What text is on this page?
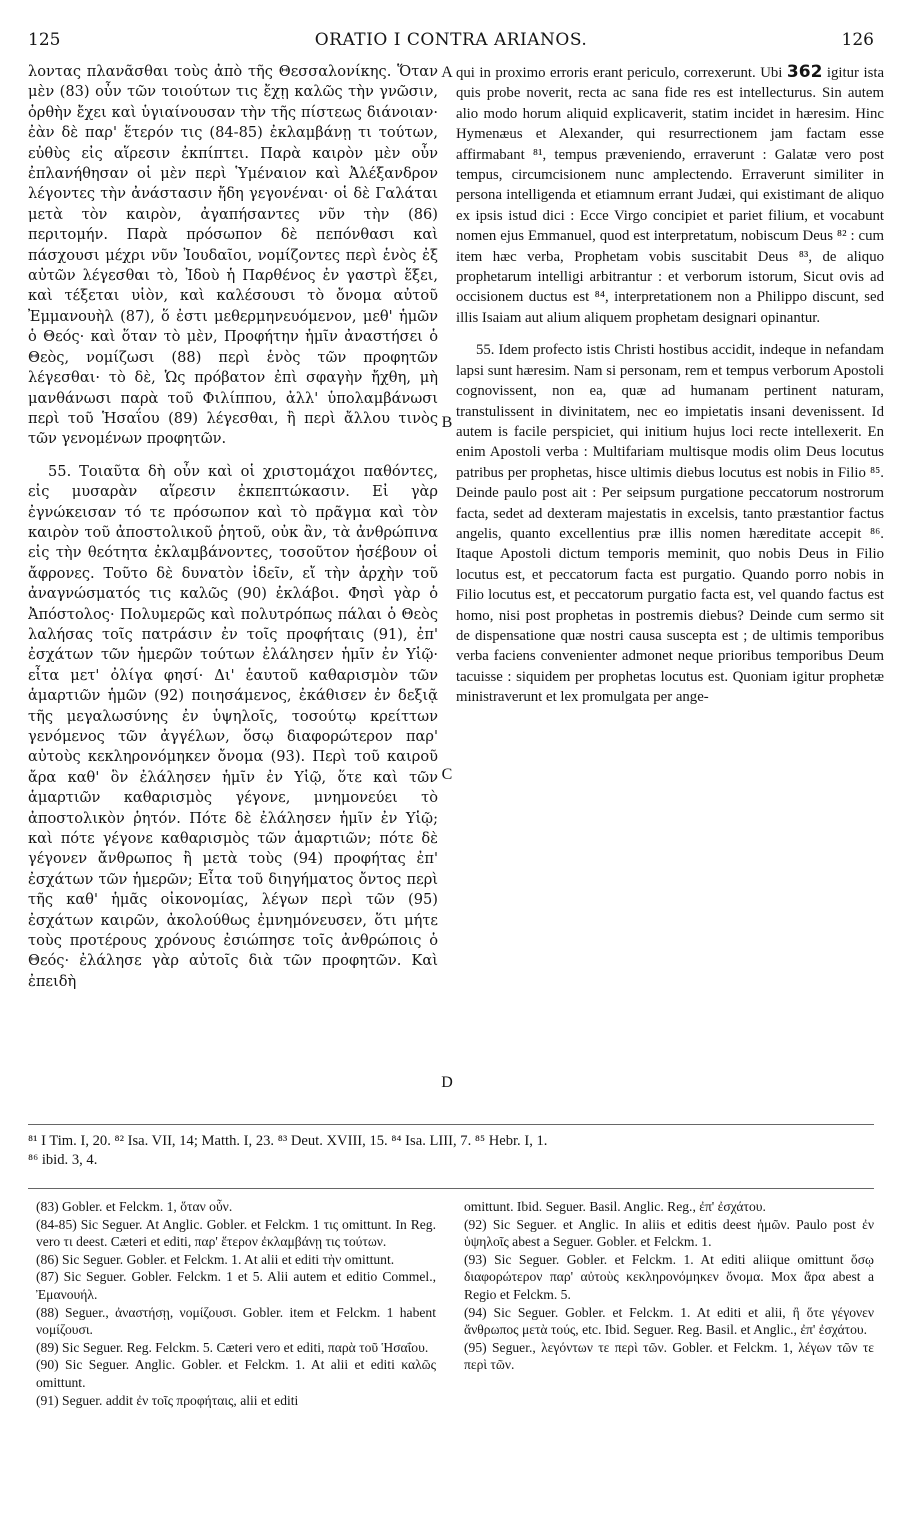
125	ORATIO I CONTRA ARIANOS.	126

λοντας πλανᾶσθαι τοὺς ἀπὸ τῆς Θεσσαλονίκης. Ὅταν μὲν (83) οὖν τῶν τοιούτων τις ἔχῃ καλῶς τὴν γνῶσιν, ὀρθὴν ἔχει καὶ ὑγιαίνουσαν τὴν τῆς πίστεως διάνοιαν· ἐὰν δὲ παρ' ἕτερόν τις (84-85) ἐκλαμβάνῃ τι τούτων, εὐθὺς εἰς αἵρεσιν ἐκπίπτει. Παρὰ καιρὸν μὲν οὖν ἐπλανήθησαν οἱ μὲν περὶ Ὑμέναιον καὶ Ἀλέξανδρον λέγοντες τὴν ἀνάστασιν ἤδη γεγονέναι· οἱ δὲ Γαλάται μετὰ τὸν καιρὸν, ἀγαπήσαντες νῦν τὴν (86) περιτομήν. Παρὰ πρόσωπον δὲ πεπόνθασι καὶ πάσχουσι μέχρι νῦν Ἰουδαῖοι, νομίζοντες περὶ ἑνὸς ἐξ αὐτῶν λέγεσθαι τὸ, Ἰδοὺ ἡ Παρθένος ἐν γαστρὶ ἕξει, καὶ τέξεται υἱὸν, καὶ καλέσουσι τὸ ὄνομα αὐτοῦ Ἐμμανουὴλ (87), ὅ ἐστι μεθερμηνευόμενον, μεθ' ἡμῶν ὁ Θεός· καὶ ὅταν τὸ μὲν, Προφήτην ἡμῖν ἀναστήσει ὁ Θεὸς, νομίζωσι (88) περὶ ἑνὸς τῶν προφητῶν λέγεσθαι· τὸ δὲ, Ὡς πρόβατον ἐπὶ σφαγὴν ἤχθη, μὴ μανθάνωσι παρὰ τοῦ Φιλίππου, ἀλλ' ὑπολαμβάνωσι περὶ τοῦ Ἡσαΐου (89) λέγεσθαι, ἢ περὶ ἄλλου τινὸς τῶν γενομένων προφητῶν.

55. Τοιαῦτα δὴ οὖν καὶ οἱ χριστομάχοι παθόντες, εἰς μυσαρὰν αἵρεσιν ἐκπεπτώκασιν. Εἰ γὰρ ἐγνώκεισαν τό τε πρόσωπον καὶ τὸ πρᾶγμα καὶ τὸν καιρὸν τοῦ ἀποστολικοῦ ῥητοῦ, οὐκ ἂν, τὰ ἀνθρώπινα εἰς τὴν θεότητα ἐκλαμβάνοντες, τοσοῦτον ἠσέβουν οἱ ἄφρονες. Τοῦτο δὲ δυνατὸν ἰδεῖν, εἴ τὴν ἀρχὴν τοῦ ἀναγνώσματός τις καλῶς (90) ἐκλάβοι. Φησὶ γὰρ ὁ Ἀπόστολος· Πολυμερῶς καὶ πολυτρόπως πάλαι ὁ Θεὸς λαλήσας τοῖς πατράσιν ἐν τοῖς προφήταις (91), ἐπ' ἐσχάτων τῶν ἡμερῶν τούτων ἐλάλησεν ἡμῖν ἐν Υἱῷ· εἶτα μετ' ὀλίγα φησί· Δι' ἑαυτοῦ καθαρισμὸν τῶν ἁμαρτιῶν ἡμῶν (92) ποιησάμενος, ἐκάθισεν ἐν δεξιᾷ τῆς μεγαλωσύνης ἐν ὑψηλοῖς, τοσούτῳ κρείττων γενόμενος τῶν ἀγγέλων, ὅσῳ διαφορώτερον παρ' αὐτοὺς κεκληρονόμηκεν ὄνομα (93). Περὶ τοῦ καιροῦ ἄρα καθ' ὃν ἐλάλησεν ἡμῖν ἐν Υἱῷ, ὅτε καὶ τῶν ἁμαρτιῶν καθαρισμὸς γέγονε, μνημονεύει τὸ ἀποστολικὸν ῥητόν. Πότε δὲ ἐλάλησεν ἡμῖν ἐν Υἱῷ; καὶ πότε γέγονε καθαρισμὸς τῶν ἁμαρτιῶν; πότε δὲ γέγονεν ἄνθρωπος ἢ μετὰ τοὺς (94) προφήτας ἐπ' ἐσχάτων τῶν ἡμερῶν; Εἶτα τοῦ διηγήματος ὄντος περὶ τῆς καθ' ἡμᾶς οἰκονομίας, λέγων περὶ τῶν (95) ἐσχάτων καιρῶν, ἀκολούθως ἐμνημόνευσεν, ὅτι μήτε τοὺς προτέρους χρόνους ἐσιώπησε τοῖς ἀνθρώποις ὁ Θεός· ἐλάλησε γὰρ αὐτοῖς διὰ τῶν προφητῶν. Καὶ ἐπειδὴ

A
B
C
D

qui in proximo erroris erant periculo, correxerunt. Ubi 362 igitur ista quis probe noverit, recta ac sana fide res est intellecturus. Sin autem alio modo horum aliquid explicaverit, statim incidet in hæresim. Hinc Hymenæus et Alexander, qui resurrectionem jam factam esse affirmabant ⁸¹, tempus præveniendo, erraverunt : Galatæ vero post tempus, circumcisionem nunc amplectendo. Erraverunt similiter in persona intelligenda et etiamnum errant Judæi, qui existimant de aliquo ex ipsis istud dici : Ecce Virgo concipiet et pariet filium, et vocabunt nomen ejus Emmanuel, quod est interpretatum, nobiscum Deus ⁸² : cum item hæc verba, Prophetam vobis suscitabit Deus ⁸³, de aliquo prophetarum intelligi arbitrantur : et verborum istorum, Sicut ovis ad occisionem ductus est ⁸⁴, interpretationem non a Philippo discunt, sed illis Isaiam aut alium aliquem prophetam designari opinantur.

55. Idem profecto istis Christi hostibus accidit, indeque in nefandam lapsi sunt hæresim. Nam si personam, rem et tempus verborum Apostoli cognovissent, non ea, quæ ad humanam pertinent naturam, transtulissent in divinitatem, nec eo impietatis insani devenissent. Id autem is facile perspiciet, qui initium hujus loci recte intellexerit. En enim Apostoli verba : Multifariam multisque modis olim Deus locutus patribus per prophetas, hisce ultimis diebus locutus est nobis in Filio ⁸⁵. Deinde paulo post ait : Per seipsum purgatione peccatorum nostrorum facta, sedet ad dexteram majestatis in excelsis, tanto præstantior factus angelis, quanto excellentius præ illis nomen hæreditate accepit ⁸⁶. Itaque Apostoli dictum temporis meminit, quo nobis Deus in Filio locutus est, et peccatorum facta est purgatio. Quando porro nobis in Filio locutus est, et peccatorum purgatio facta est, vel quando factus est homo, nisi post prophetas in postremis diebus? Deinde cum sermo sit de dispensatione quæ nostri causa suscepta est ; de ultimis temporibus verba faciens convenienter admonet neque prioribus temporibus Deum tacuisse : siquidem per prophetas locutus est. Quoniam igitur prophetæ ministraverunt et lex promulgata per ange-

⁸¹ I Tim. I, 20. ⁸² Isa. VII, 14; Matth. I, 23. ⁸³ Deut. XVIII, 15. ⁸⁴ Isa. LIII, 7. ⁸⁵ Hebr. I, 1.
⁸⁶ ibid. 3, 4.

(83) Gobler. et Felckm. 1, ὅταν οὖν.

(84-85) Sic Seguer. At Anglic. Gobler. et Felckm. 1 τις omittunt. In Reg. vero τι deest. Cæteri et editi, παρ' ἕτερον ἐκλαμβάνῃ τις τούτων.

(86) Sic Seguer. Gobler. et Felckm. 1. At alii et editi τὴν omittunt.

(87) Sic Seguer. Gobler. Felckm. 1 et 5. Alii autem et editio Commel., Ἐμανουήλ.

(88) Seguer., ἀναστήσῃ, νομίζουσι. Gobler. item et Felckm. 1 habent νομίζουσι.

(89) Sic Seguer. Reg. Felckm. 5. Cæteri vero et editi, παρὰ τοῦ Ἡσαΐου.

(90) Sic Seguer. Anglic. Gobler. et Felckm. 1. At alii et editi καλῶς omittunt.

(91) Seguer. addit ἐν τοῖς προφήταις, alii et editi

omittunt. Ibid. Seguer. Basil. Anglic. Reg., ἐπ' ἐσχάτου.

(92) Sic Seguer. et Anglic. In aliis et editis deest ἡμῶν. Paulo post ἐν ὑψηλοῖς abest a Seguer. Gobler. et Felckm. 1.

(93) Sic Seguer. Gobler. et Felckm. 1. At editi aliique omittunt ὅσῳ διαφορώτερον παρ' αὐτοὺς κεκληρονόμηκεν ὄνομα. Mox ἄρα abest a Regio et Felckm. 5.

(94) Sic Seguer. Gobler. et Felckm. 1. At editi et alii, ἢ ὅτε γέγονεν ἄνθρωπος μετὰ τούς, etc. Ibid. Seguer. Reg. Basil. et Anglic., ἐπ' ἐσχάτου.

(95) Seguer., λεγόντων τε περὶ τῶν. Gobler. et Felckm. 1, λέγων τῶν τε περὶ τῶν.
